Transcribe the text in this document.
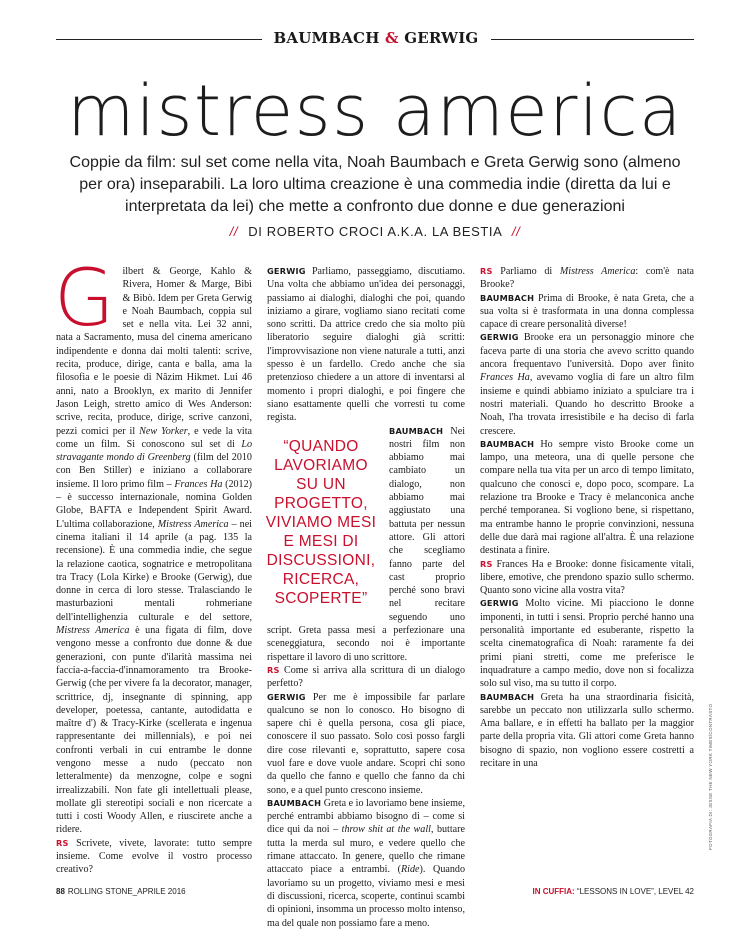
BAUMBACH & GERWIG
mistress america

Coppie da film: sul set come nella vita, Noah Baumbach e Greta Gerwig sono (almeno per ora) inseparabili. La loro ultima creazione è una commedia indie (diretta da lui e interpretata da lei) che mette a confronto due donne e due generazioni

// DI ROBERTO CROCI A.K.A. LA BESTIA //
G ilbert & George, Kahlo & Rivera, Homer & Marge, Bibì & Bibò. Idem per Greta Gerwig e Noah Baumbach, coppia sul set e nella vita. Lei 32 anni, nata a Sacramento, musa del cinema americano indipendente e donna dai molti talenti: scrive, recita, produce, dirige, canta e balla, ama la filosofia e le poesie di Nâzim Hikmet. Lui 46 anni, nato a Brooklyn, ex marito di Jennifer Jason Leigh, stretto amico di Wes Anderson: scrive, recita, produce, dirige, scrive canzoni, pezzi comici per il New Yorker, e vede la vita come un film. Si conoscono sul set di Lo stravagante mondo di Greenberg (film del 2010 con Ben Stiller) e iniziano a collaborare insieme. Il loro primo film – Frances Ha (2012) – è successo internazionale, nomina Golden Globe, BAFTA e Independent Spirit Award. L'ultima collaborazione, Mistress America – nei cinema italiani il 14 aprile (a pag. 135 la recensione). È una commedia indie, che segue la relazione caotica, sognatrice e metropolitana tra Tracy (Lola Kirke) e Brooke (Gerwig), due donne in cerca di loro stesse. Tralasciando le masturbazioni mentali rohmeriane dell'intellighenzia culturale e del settore, Mistress America è una figata di film, dove vengono messe a confronto due donne & due generazioni, con punte d'ilarità massima nei faccia-a-faccia-d'innamoramento tra Brooke-Gerwig (che per vivere fa la decorator, manager, scrittrice, dj, insegnante di spinning, app developer, poetessa, cantante, autodidatta e maître d') & Tracy-Kirke (scellerata e ingenua rappresentante dei millennials), e poi nei confronti verbali in cui entrambe le donne vengono messe a nudo (peccato non letteralmente) da menzogne, colpe e sogni irrealizzabili. Non fate gli intellettuali please, mollate gli stereotipi sociali e non ricercate a tutti i costi Woody Allen, e riuscirete anche a ridere.

RS Scrivete, vivete, lavorate: tutto sempre insieme. Come evolve il vostro processo creativo?

GERWIG Parliamo, passeggiamo, discutiamo. Una volta che abbiamo un'idea dei personaggi, passiamo ai dialoghi, dialoghi che poi, quando iniziamo a girare, vogliamo siano recitati come sono scritti. Da attrice credo che sia molto più liberatorio seguire dialoghi già scritti: l'improvvisazione non viene naturale a tutti, anzi spesso è un fardello. Credo anche che sia pretenzioso chiedere a un attore di inventarsi al momento i propri dialoghi, e poi fingere che siano esattamente quelli che vorresti tu come regista.

“QUANDO LAVORIAMO SU UN PROGETTO, VIVIAMO MESI E MESI DI DISCUSSIONI, RICERCA, SCOPERTE”

BAUMBACH Nei nostri film non abbiamo mai cambiato un dialogo, non abbiamo mai aggiustato una battuta per nessun attore. Gli attori che scegliamo fanno parte del cast proprio perché sono bravi nel recitare seguendo uno script. Greta passa mesi a perfezionare una sceneggiatura, secondo noi è importante rispettare il lavoro di uno scrittore.

RS Come si arriva alla scrittura di un dialogo perfetto?

GERWIG Per me è impossibile far parlare qualcuno se non lo conosco. Ho bisogno di sapere chi è quella persona, cosa gli piace, conoscere il suo passato. Solo così posso fargli dire cose rilevanti e, soprattutto, sapere cosa vuol fare e dove vuole andare. Scopri chi sono da quello che fanno e quello che fanno da chi sono, e a quel punto crescono insieme.

BAUMBACH Greta e io lavoriamo bene insieme, perché entrambi abbiamo bisogno di – come si dice qui da noi – throw shit at the wall, buttare tutta la merda sul muro, e vedere quello che rimane attaccato. In genere, quello che rimane attaccato piace a entrambi. (Ride). Quando lavoriamo su un progetto, viviamo mesi e mesi di discussioni, ricerca, scoperte, continui scambi di opinioni, insomma un processo molto intenso, ma del quale non possiamo fare a meno.

RS Parliamo di Mistress America: com'è nata Brooke?

BAUMBACH Prima di Brooke, è nata Greta, che a sua volta si è trasformata in una donna complessa capace di creare personalità diverse!

GERWIG Brooke era un personaggio minore che faceva parte di una storia che avevo scritto quando ancora frequentavo l'università. Dopo aver finito Frances Ha, avevamo voglia di fare un altro film insieme e quindi abbiamo iniziato a spulciare tra i nostri materiali. Quando ho descritto Brooke a Noah, l'ha trovata irresistibile e ha deciso di farla crescere.

BAUMBACH Ho sempre visto Brooke come un lampo, una meteora, una di quelle persone che compare nella tua vita per un arco di tempo limitato, qualcuno che conosci e, dopo poco, scompare. La relazione tra Brooke e Tracy è melanconica anche perché temporanea. Si vogliono bene, si rispettano, ma entrambe hanno le proprie convinzioni, nessuna delle due darà mai ragione all'altra. È una relazione destinata a finire.

RS Frances Ha e Brooke: donne fisicamente vitali, libere, emotive, che prendono spazio sullo schermo. Quanto sono vicine alla vostra vita?

GERWIG Molto vicine. Mi piacciono le donne imponenti, in tutti i sensi. Proprio perché hanno una personalità importante ed esuberante, rispetto la scelta cinematografica di Noah: raramente fa dei primi piani stretti, come me preferisce le inquadrature a campo medio, dove non si focalizza solo sul viso, ma su tutto il corpo.

BAUMBACH Greta ha una straordinaria fisicità, sarebbe un peccato non utilizzarla sullo schermo. Ama ballare, e in effetti ha ballato per la maggior parte della propria vita. Gli attori come Greta hanno bisogno di spazio, non vogliono essere costretti a recitare in una	FOTOGRAFIA DI: JESSE THE NEW YORK TIMES/CONTRASTO
88 ROLLING STONE_APRILE 2016	IN CUFFIA: “LESSONS IN LOVE”, LEVEL 42
